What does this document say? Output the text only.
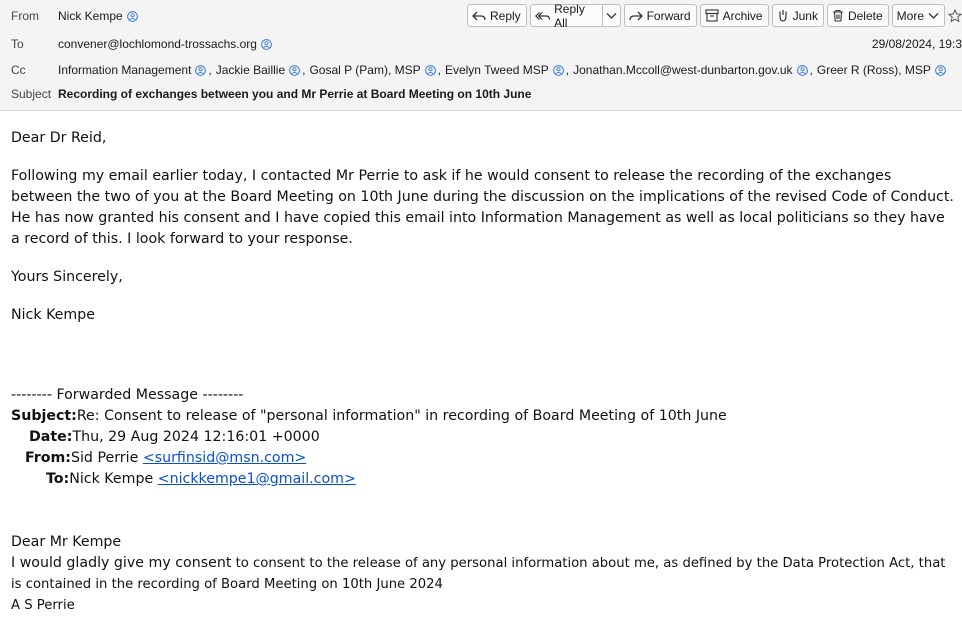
From Nick Kempe	Reply	Reply All	Forward	Archive	Junk	Delete More
To	convener@lochlomond-trossachs.org	29/08/2024, 19:3
Cc	Information Management , Jackie Baillie , Gosal P (Pam), MSP , Evelyn Tweed MSP , Jonathan.Mccoll@west-dunbarton.gov.uk , Greer R (Ross), MSP
Subject Recording of exchanges between you and Mr Perrie at Board Meeting on 10th June

Dear Dr Reid,

Following my email earlier today, I contacted Mr Perrie to ask if he would consent to release the recording of the exchanges between the two of you at the Board Meeting on 10th June during the discussion on the implications of the revised Code of Conduct. He has now granted his consent and I have copied this email into Information Management as well as local politicians so they have a record of this. I look forward to your response.

Yours Sincerely,

Nick Kempe

-------- Forwarded Message --------
Subject:Re: Consent to release of "personal information" in recording of Board Meeting of 10th June
Date:Thu, 29 Aug 2024 12:16:01 +0000
From:Sid Perrie <surfinsid@msn.com>
To:Nick Kempe <nickkempe1@gmail.com>
Dear Mr Kempe
I would gladly give my consent to consent to the release of any personal information about me, as defined by the Data Protection Act, that is contained in the recording of Board Meeting on 10th June 2024
A S Perrie
